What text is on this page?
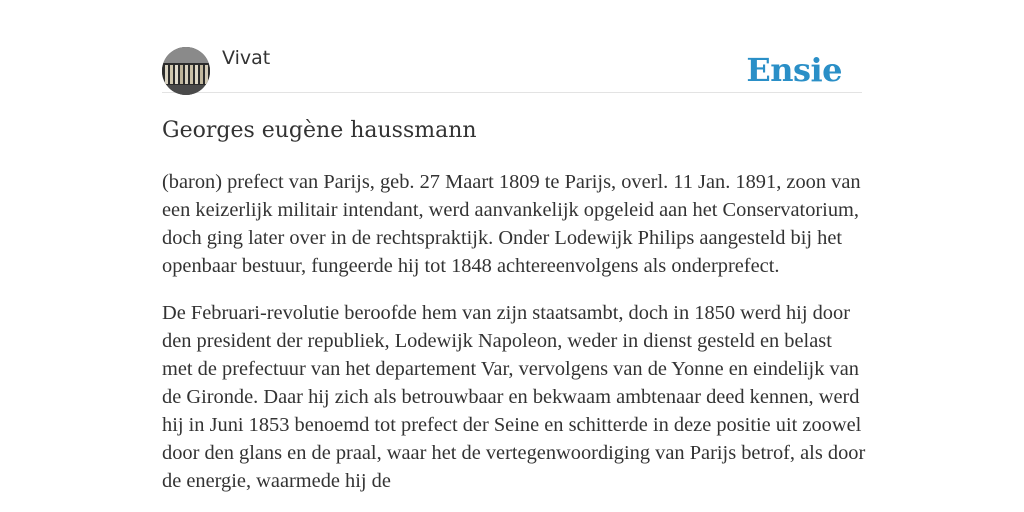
Vivat	Ensie
Georges eugène haussmann

(baron) prefect van Parijs, geb. 27 Maart 1809 te Parijs, overl. 11 Jan. 1891, zoon van een keizerlijk militair intendant, werd aanvankelijk opgeleid aan het Conservatorium, doch ging later over in de rechtspraktijk. Onder Lodewijk Philips aangesteld bij het openbaar bestuur, fungeerde hij tot 1848 achtereenvolgens als onderprefect.

De Februari-revolutie beroofde hem van zijn staatsambt, doch in 1850 werd hij door den president der republiek, Lodewijk Napoleon, weder in dienst gesteld en belast met de prefectuur van het departement Var, vervolgens van de Yonne en eindelijk van de Gironde. Daar hij zich als betrouwbaar en bekwaam ambtenaar deed kennen, werd hij in Juni 1853 benoemd tot prefect der Seine en schitterde in deze positie uit zoowel door den glans en de praal, waar het de vertegenwoordiging van Parijs betrof, als door de energie, waarmede hij de
